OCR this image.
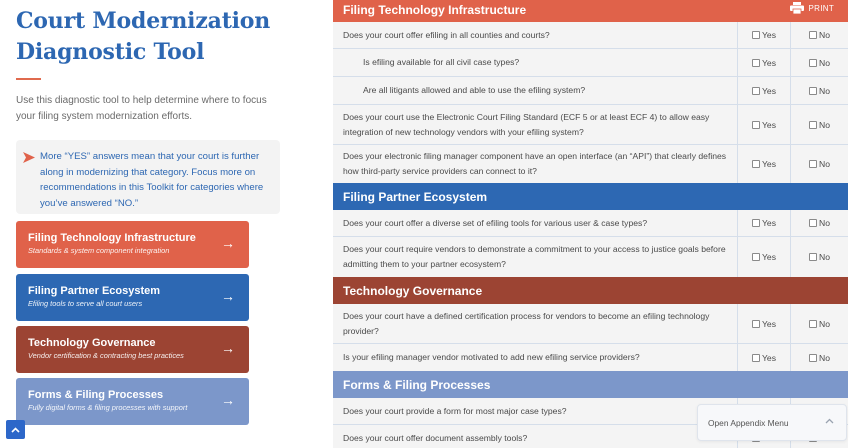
Court Modernization
Diagnostic Tool

Use this diagnostic tool to help determine where to focus your filing system modernization efforts.

More “YES” answers mean that your court is further along in modernizing that category. Focus more on recommendations in this Toolkit for categories where you’ve answered “NO.”

Filing Technology Infrastructure
Standards & system component integration	→
Filing Partner Ecosystem
Efiling tools to serve all court users	→
Technology Governance
Vendor certification & contracting best practices	→
Forms & Filing Processes
Fully digital forms & filing processes with support	→
Filing Technology Infrastructure	PRINT
Does your court offer efiling in all counties and courts?	Yes	No
Is efiling available for all civil case types?	Yes	No
Are all litigants allowed and able to use the efiling system?	Yes	No
Does your court use the Electronic Court Filing Standard (ECF 5 or at least ECF 4) to allow easy integration of new technology vendors with your efiling system?
Yes	No
Does your electronic filing manager component have an open interface (an “API”) that clearly defines how third-party service providers can connect to it?
Yes	No
Filing Partner Ecosystem
Does your court offer a diverse set of efiling tools for various user & case types?	Yes	No
Does your court require vendors to demonstrate a commitment to your access to justice goals before admitting them to your partner ecosystem?
Yes	No
Technology Governance
Does your court have a defined certification process for vendors to become an efiling technology provider?
Yes	No
Is your efiling manager vendor motivated to add new efiling service providers?	Yes	No
Forms & Filing Processes
Does your court provide a form for most major case types?
Does your court offer document assembly tools?
Open Appendix Menu
